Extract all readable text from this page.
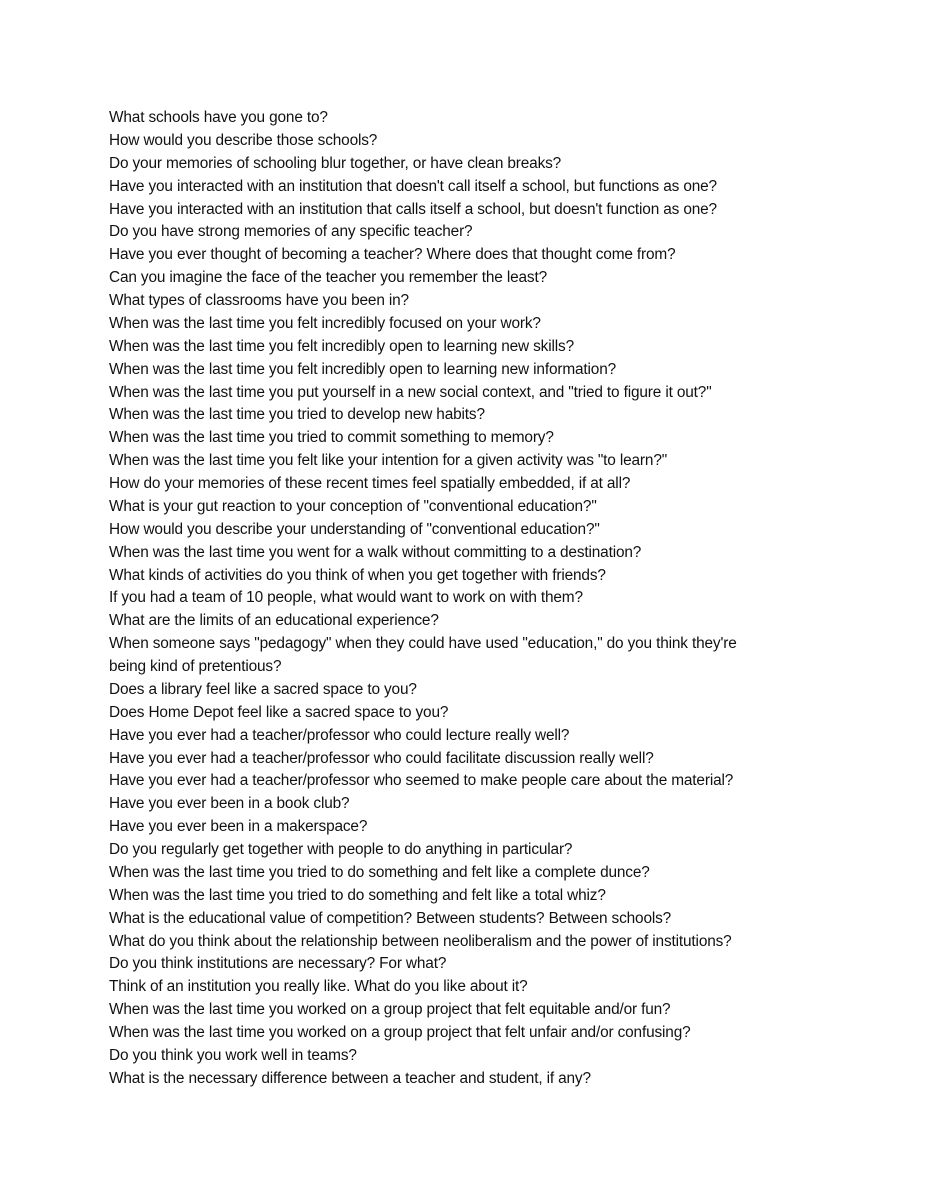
What schools have you gone to?

How would you describe those schools?

Do your memories of schooling blur together, or have clean breaks?

Have you interacted with an institution that doesn't call itself a school, but functions as one?

Have you interacted with an institution that calls itself a school, but doesn't function as one?

Do you have strong memories of any specific teacher?

Have you ever thought of becoming a teacher? Where does that thought come from?

Can you imagine the face of the teacher you remember the least?

What types of classrooms have you been in?

When was the last time you felt incredibly focused on your work?

When was the last time you felt incredibly open to learning new skills?

When was the last time you felt incredibly open to learning new information?

When was the last time you put yourself in a new social context, and "tried to figure it out?"

When was the last time you tried to develop new habits?

When was the last time you tried to commit something to memory?

When was the last time you felt like your intention for a given activity was "to learn?"

How do your memories of these recent times feel spatially embedded, if at all?

What is your gut reaction to your conception of "conventional education?"

How would you describe your understanding of "conventional education?"

When was the last time you went for a walk without committing to a destination?

What kinds of activities do you think of when you get together with friends?

If you had a team of 10 people, what would want to work on with them?

What are the limits of an educational experience?

When someone says "pedagogy" when they could have used "education," do you think they're

being kind of pretentious?

Does a library feel like a sacred space to you?

Does Home Depot feel like a sacred space to you?

Have you ever had a teacher/professor who could lecture really well?

Have you ever had a teacher/professor who could facilitate discussion really well?

Have you ever had a teacher/professor who seemed to make people care about the material?

Have you ever been in a book club?

Have you ever been in a makerspace?

Do you regularly get together with people to do anything in particular?

When was the last time you tried to do something and felt like a complete dunce?

When was the last time you tried to do something and felt like a total whiz?

What is the educational value of competition? Between students? Between schools?

What do you think about the relationship between neoliberalism and the power of institutions?

Do you think institutions are necessary? For what?

Think of an institution you really like. What do you like about it?

When was the last time you worked on a group project that felt equitable and/or fun?

When was the last time you worked on a group project that felt unfair and/or confusing?

Do you think you work well in teams?

What is the necessary difference between a teacher and student, if any?
